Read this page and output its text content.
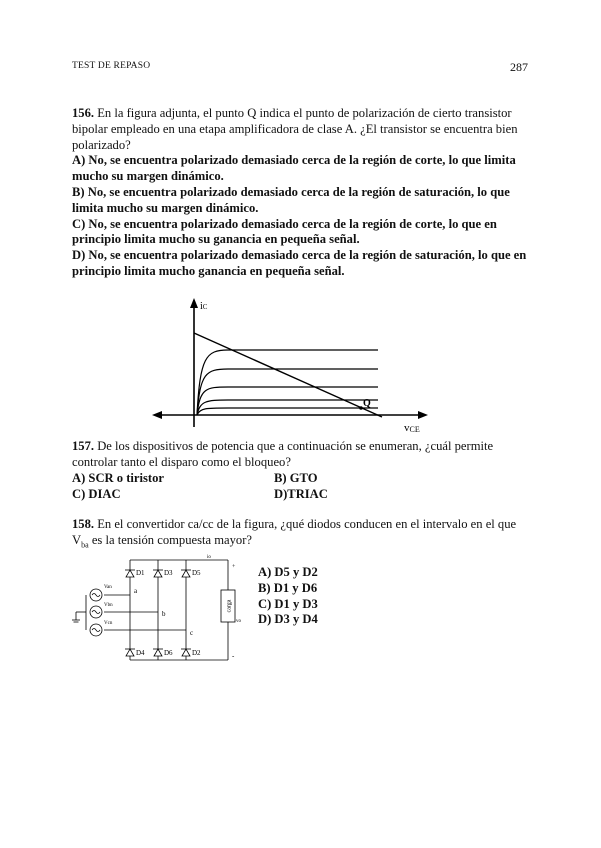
TEST DE REPASO	287
156. En la figura adjunta, el punto Q indica el punto de polarización de cierto transistor bipolar empleado en una etapa amplificadora de clase A. ¿El transistor se encuentra bien polarizado?
A) No, se encuentra polarizado demasiado cerca de la región de corte, lo que limita mucho su margen dinámico.
B) No, se encuentra polarizado demasiado cerca de la región de saturación, lo que limita mucho su margen dinámico.
C) No, se encuentra polarizado demasiado cerca de la región de corte, lo que en principio limita mucho su ganancia en pequeña señal.
D) No, se encuentra polarizado demasiado cerca de la región de saturación, lo que en principio limita mucho ganancia en pequeña señal.
iC
Q
vCE
157. De los dispositivos de potencia que a continuación se enumeran, ¿cuál permite controlar tanto el disparo como el bloqueo?
A) SCR o tiristor	B) GTO
C) DIAC	D)TRIAC
158. En el convertidor ca/cc de la figura, ¿qué diodos conducen en el intervalo en el que $V_{ba}$ es la tensión compuesta mayor?
D1	D3	D5
D4	D6	D2
a
b
c
Van
Vbn
Vcn
io
vo
+
-
carga
A) D5 y D2
B) D1 y D6
C) D1 y D3
D) D3 y D4
